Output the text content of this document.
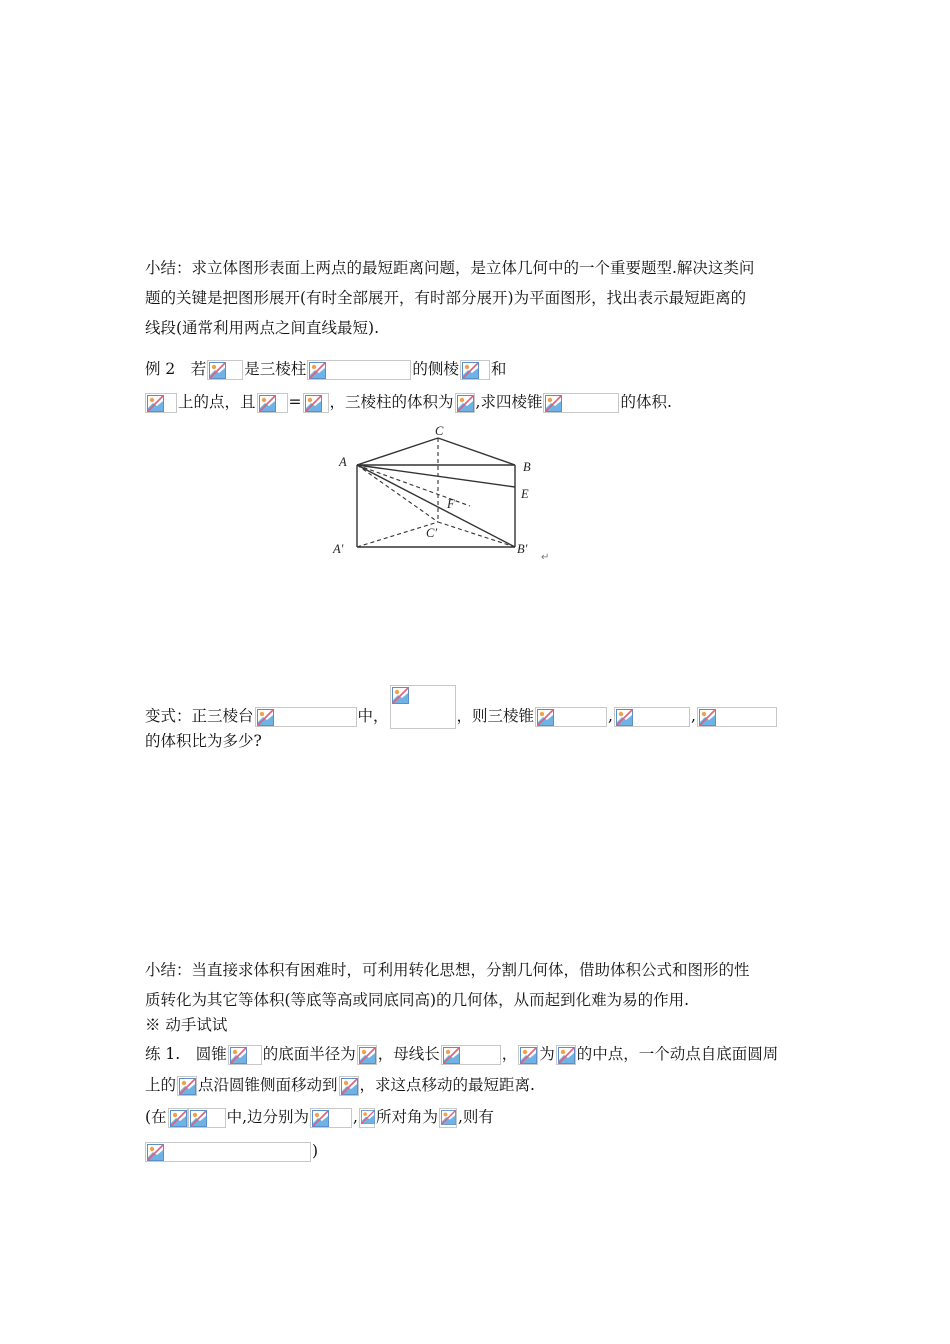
小结：求立体图形表面上两点的最短距离问题，是立体几何中的一个重要题型.解决这类问
题的关键是把图形展开(有时全部展开，有时部分展开)为平面图形，找出表示最短距离的
线段(通常利用两点之间直线最短).
例 2　若 是三棱柱	的侧棱 和
上的点，且 = ，三棱柱的体积为 ,求四棱锥	的体积.
A
C
B
E
F
C′
A′	B′
↵
变式：正三棱台	中，	，则三棱锥	,	,
的体积比为多少?
小结：当直接求体积有困难时，可利用转化思想，分割几何体，借助体积公式和图形的性
质转化为其它等体积(等底等高或同底同高)的几何体，从而起到化难为易的作用.
※ 动手试试
练 1.　圆锥 的底面半径为 ，母线长	， 为 的中点，一个动点自底面圆周
上的 点沿圆锥侧面移动到 ，求这点移动的最短距离.
(在	中,边分别为	, 所对角为 ,则有
)
